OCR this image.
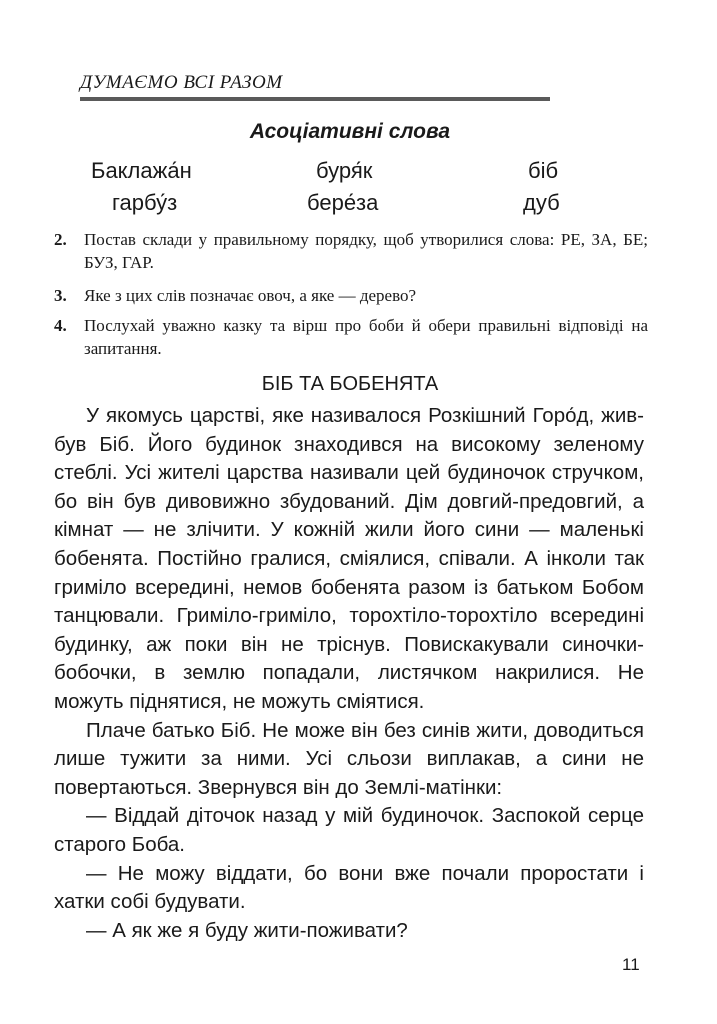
ДУМАЄМО ВСІ РАЗОМ
Асоціативні слова
Баклажа́н	буря́к	біб
гарбу́з	бере́за	дуб
2. Постав склади у правильному порядку, щоб утворилися слова: РЕ, ЗА, БЕ; БУЗ, ГАР.
3. Яке з цих слів позначає овоч, а яке — дерево?
4. Послухай уважно казку та вірш про боби й обери правильні відповіді на запитання.
БІБ ТА БОБЕНЯТА

У якомусь царстві, яке називалося Розкішний Горо́д, жив-був Біб. Його будинок знаходився на високому зеленому стеблі. Усі жителі царства називали цей будиночок стручком, бо він був дивовижно збудований. Дім довгий-предовгий, а кімнат — не злічити. У кожній жили його сини — маленькі бобенята. Постійно гралися, сміялися, співали. А інколи так гриміло всередині, немов бобенята разом із батьком Бобом танцювали. Гриміло-гриміло, торохтіло-торохтіло всередині будинку, аж поки він не тріснув. Повискакували синочки-бобочки, в землю попадали, листячком накрилися. Не можуть піднятися, не можуть сміятися.

Плаче батько Біб. Не може він без синів жити, доводиться лише тужити за ними. Усі сльози виплакав, а сини не повертаються. Звернувся він до Землі-матінки:

— Віддай діточок назад у мій будиночок. Заспокой серце старого Боба.

— Не можу віддати, бо вони вже почали проростати і хатки собі будувати.

— А як же я буду жити-поживати?

11
